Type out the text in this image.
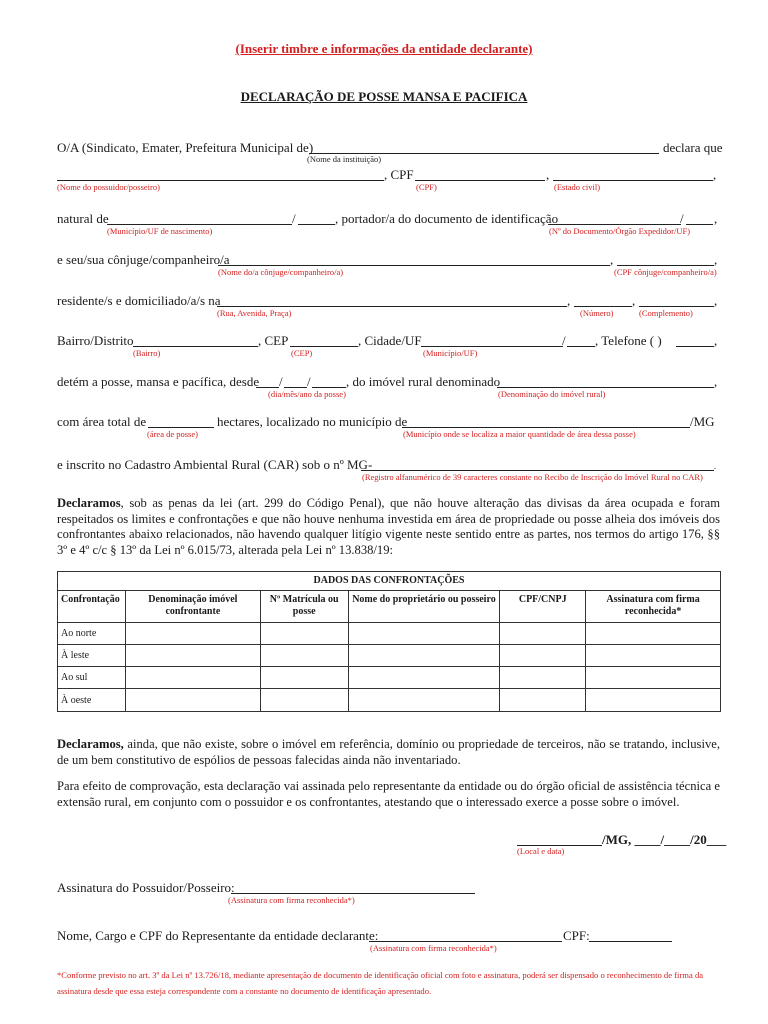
(Inserir timbre e informações da entidade declarante)
DECLARAÇÃO DE POSSE MANSA E PACIFICA
O/A (Sindicato, Emater, Prefeitura Municipal de)	declara que
(Nome da instituição)
, CPF	,	,
(Nome do possuidor/posseiro)	(CPF)	(Estado civil)
natural de	/	, portador/a do documento de identificação	/ ,
(Município/UF de nascimento)	(Nº do Documento/Órgão Expedidor/UF)
e seu/sua cônjuge/companheiro/a	,	,
(Nome do/a cônjuge/companheiro/a)	(CPF cônjuge/companheiro/a)
residente/s e domiciliado/a/s na	,	,	,
(Rua, Avenida, Praça)	(Número)	(Complemento)
Bairro/Distrito	, CEP	, Cidade/UF	/ , Telefone ( )	,
(Bairro)	(CEP)	(Município/UF)
detém a posse, mansa e pacífica, desde / /	, do imóvel rural denominado	,
(dia/mês/ano da posse)	(Denominação do imóvel rural)
com área total de	hectares, localizado no município de	/MG
(área de posse)	(Município onde se localiza a maior quantidade de área dessa posse)
e inscrito no Cadastro Ambiental Rural (CAR) sob o nº MG-	.
(Registro alfanumérico de 39 caracteres constante no Recibo de Inscrição do Imóvel Rural no CAR)
Declaramos, sob as penas da lei (art. 299 do Código Penal), que não houve alteração das divisas da área ocupada e foram respeitados os limites e confrontações e que não houve nenhuma investida em área de propriedade ou posse alheia dos imóveis dos confrontantes abaixo relacionados, não havendo qualquer litígio vigente neste sentido entre as partes, nos termos do artigo 176, §§ 3º e 4º c/c § 13º da Lei nº 6.015/73, alterada pela Lei nº 13.838/19:
DADOS DAS CONFRONTAÇÕES					
Confrontação	Denominação imóvel confrontante	Nº Matrícula ou posse	Nome do proprietário ou posseiro	CPF/CNPJ	Assinatura com firma reconhecida*
Ao norte					
À leste					
Ao sul					
À oeste					
Declaramos, ainda, que não existe, sobre o imóvel em referência, domínio ou propriedade de terceiros, não se tratando, inclusive, de um bem constitutivo de espólios de pessoas falecidas ainda não inventariado.
Para efeito de comprovação, esta declaração vai assinada pelo representante da entidade ou do órgão oficial de assistência técnica e extensão rural, em conjunto com o possuidor e os confrontantes, atestando que o interessado exerce a posse sobre o imóvel.
/MG, ____/____/20___
(Local e data)
Assinatura do Possuidor/Posseiro:
(Assinatura com firma reconhecida*)
Nome, Cargo e CPF do Representante da entidade declarante:	CPF:
(Assinatura com firma reconhecida*)
*Conforme previsto no art. 3º da Lei nº 13.726/18, mediante apresentação de documento de identificação oficial com foto e assinatura, poderá ser dispensado o reconhecimento de firma da assinatura desde que essa esteja correspondente com a constante no documento de identificação apresentado.
